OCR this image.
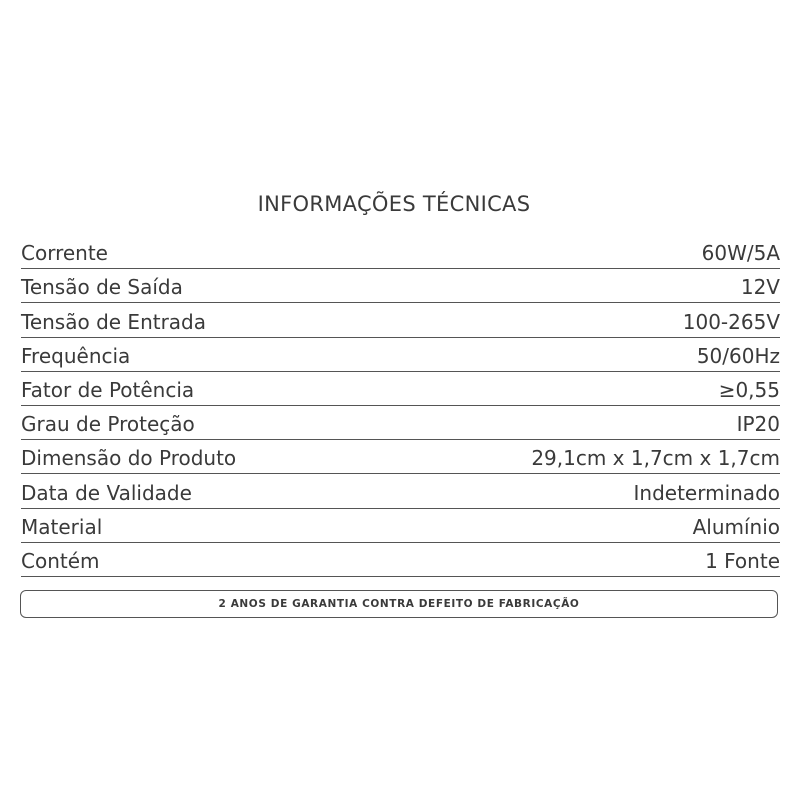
INFORMAÇÕES TÉCNICAS
Corrente	60W/5A
Tensão de Saída	12V
Tensão de Entrada	100-265V
Frequência	50/60Hz
Fator de Potência	≥0,55
Grau de Proteção	IP20
Dimensão do Produto	29,1cm x 1,7cm x 1,7cm
Data de Validade	Indeterminado
Material	Alumínio
Contém	1 Fonte
2 ANOS DE GARANTIA CONTRA DEFEITO DE FABRICAÇÃO
